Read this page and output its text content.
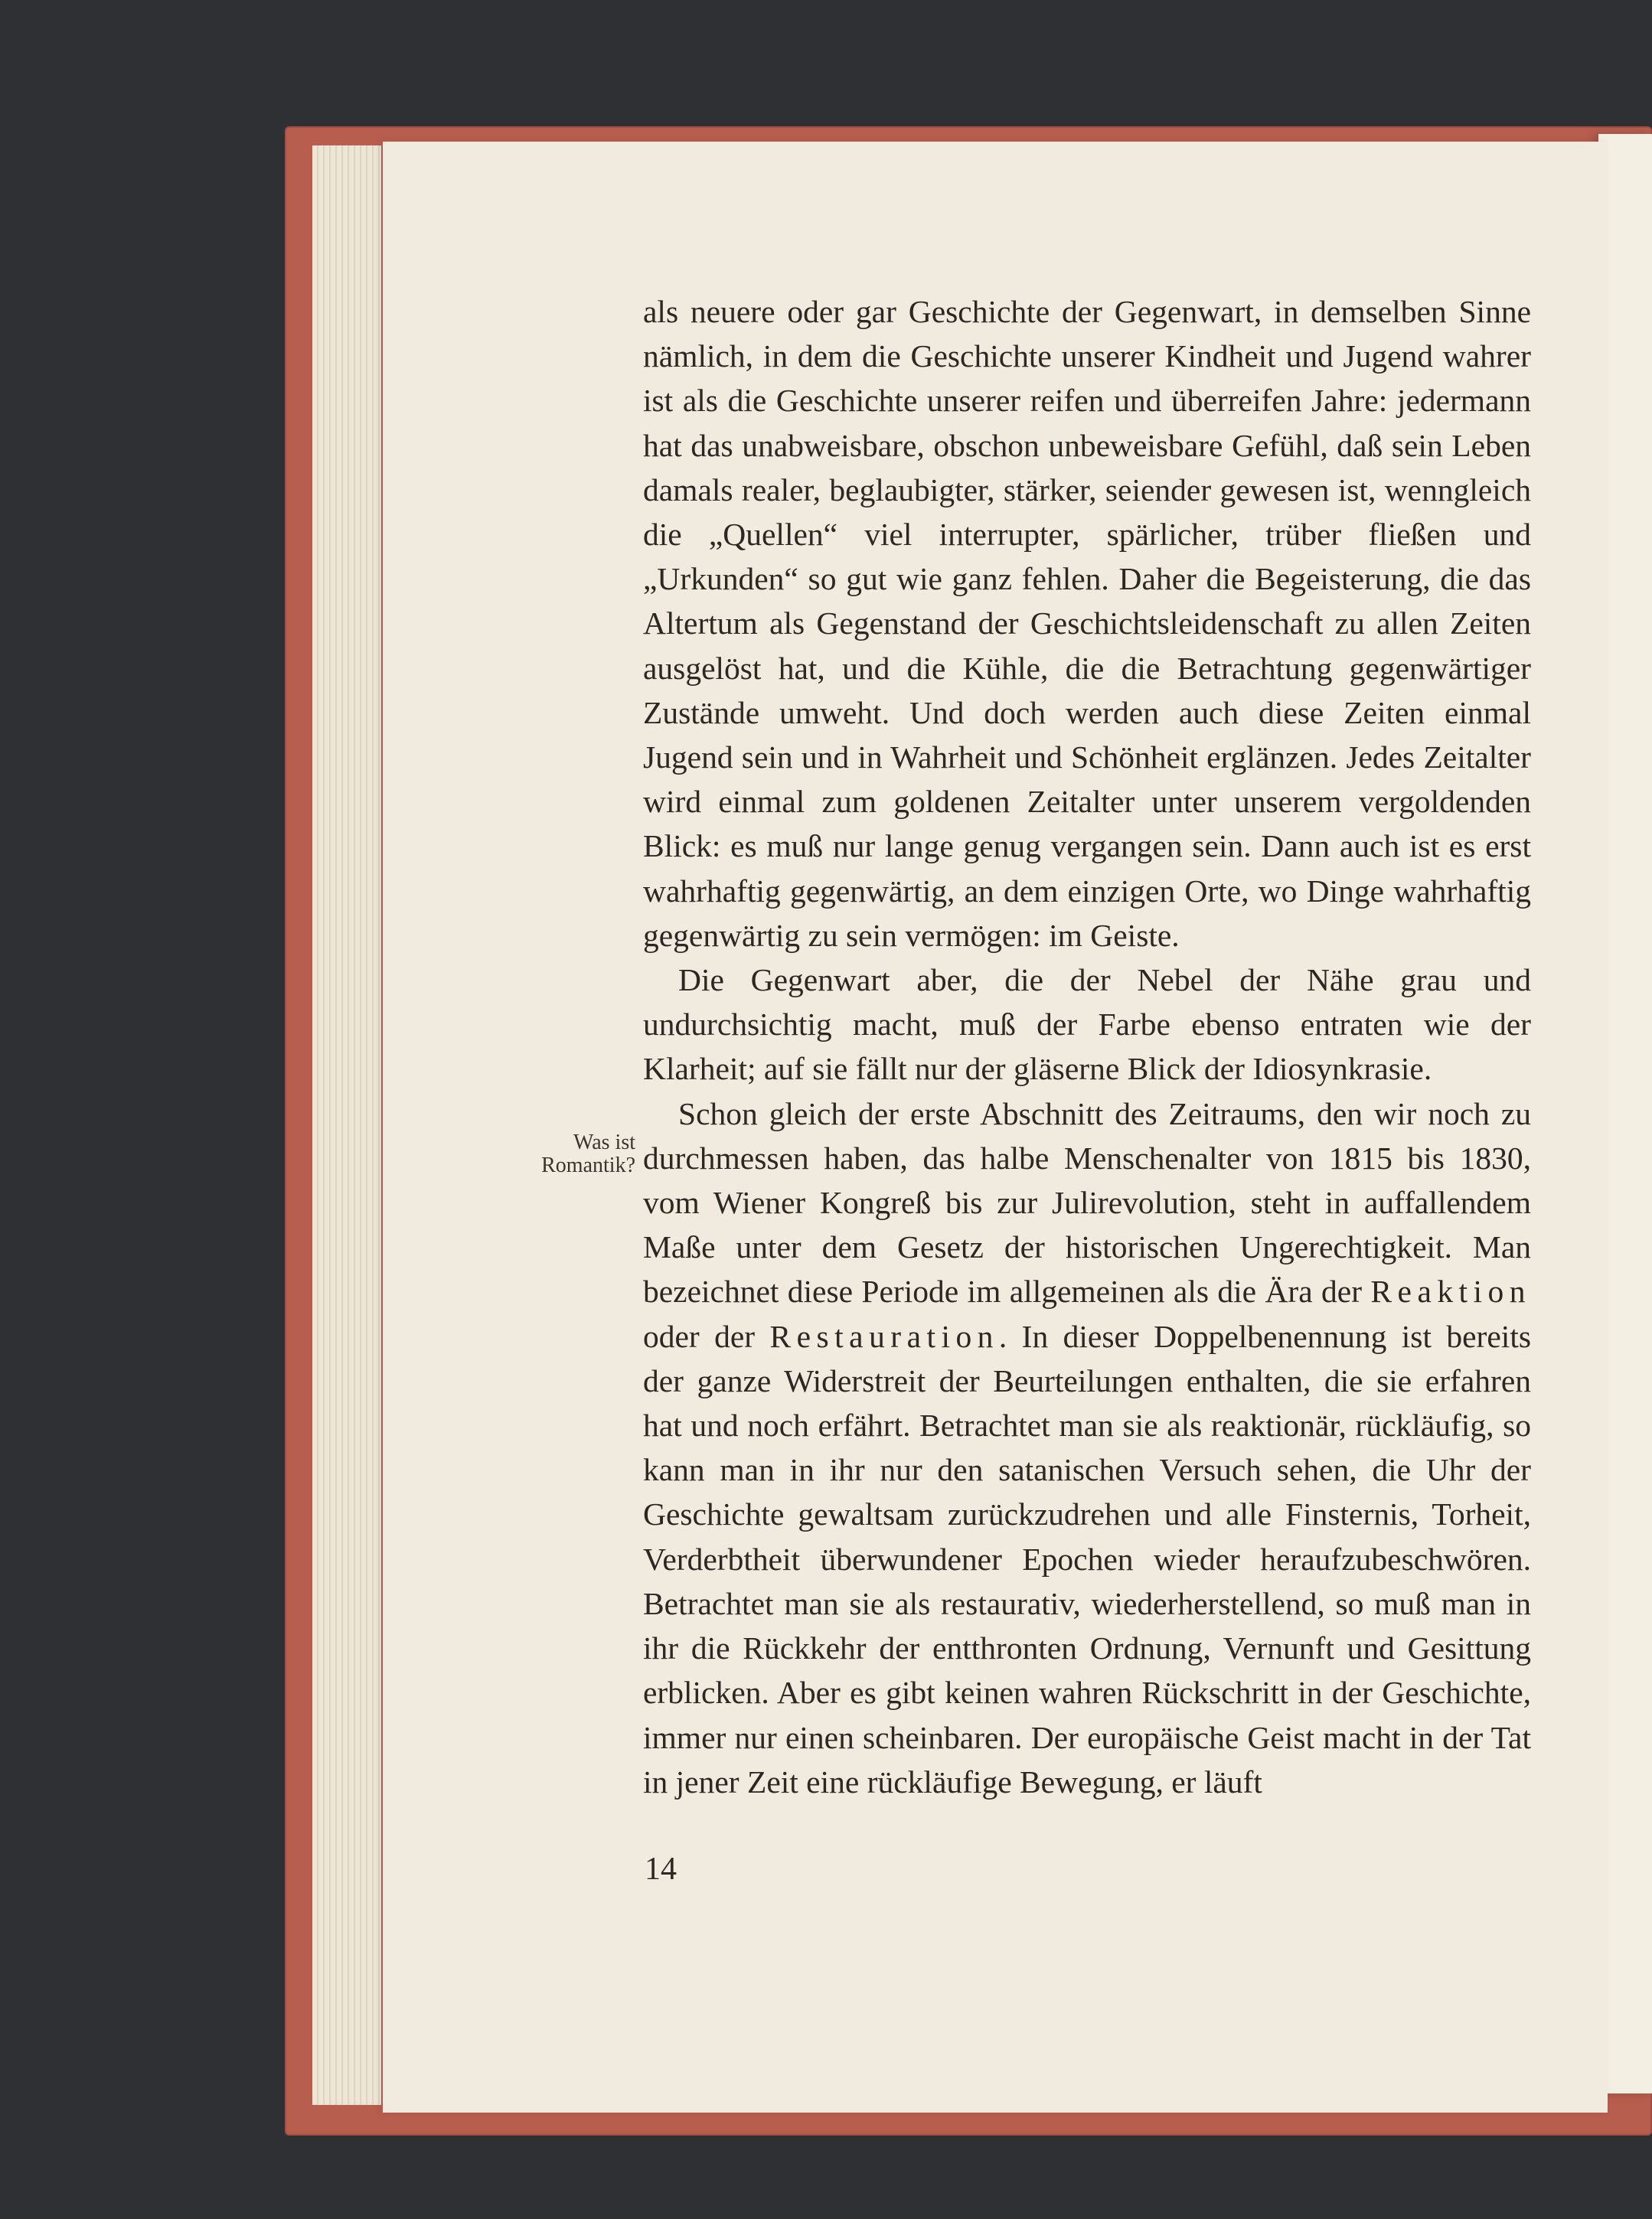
Was ist
Romantik?

als neuere oder gar Geschichte der Gegenwart, in demselben Sinne nämlich, in dem die Geschichte unserer Kindheit und Jugend wahrer ist als die Geschichte unserer reifen und überreifen Jahre: jedermann hat das unabweisbare, obschon unbeweisbare Gefühl, daß sein Leben damals realer, beglaubigter, stärker, seiender gewesen ist, wenngleich die „Quellen“ viel interrupter, spärlicher, trüber fließen und „Urkunden“ so gut wie ganz fehlen. Daher die Begeisterung, die das Altertum als Gegenstand der Geschichtsleidenschaft zu allen Zeiten ausgelöst hat, und die Kühle, die die Betrachtung gegenwärtiger Zustände umweht. Und doch werden auch diese Zeiten einmal Jugend sein und in Wahrheit und Schönheit erglänzen. Jedes Zeitalter wird einmal zum goldenen Zeitalter unter unserem vergoldenden Blick: es muß nur lange genug vergangen sein. Dann auch ist es erst wahrhaftig gegenwärtig, an dem einzigen Orte, wo Dinge wahrhaftig gegenwärtig zu sein vermögen: im Geiste.

Die Gegenwart aber, die der Nebel der Nähe grau und undurchsichtig macht, muß der Farbe ebenso entraten wie der Klarheit; auf sie fällt nur der gläserne Blick der Idiosynkrasie.

Schon gleich der erste Abschnitt des Zeitraums, den wir noch zu durchmessen haben, das halbe Menschenalter von 1815 bis 1830, vom Wiener Kongreß bis zur Julirevolution, steht in auffallendem Maße unter dem Gesetz der historischen Ungerechtigkeit. Man bezeichnet diese Periode im allgemeinen als die Ära der Reaktion oder der Restauration. In dieser Doppelbenennung ist bereits der ganze Widerstreit der Beurteilungen enthalten, die sie erfahren hat und noch erfährt. Betrachtet man sie als reaktionär, rückläufig, so kann man in ihr nur den satanischen Versuch sehen, die Uhr der Geschichte gewaltsam zurückzudrehen und alle Finsternis, Torheit, Verderbtheit überwundener Epochen wieder heraufzubeschwören. Betrachtet man sie als restaurativ, wiederherstellend, so muß man in ihr die Rückkehr der entthronten Ordnung, Vernunft und Gesittung erblicken. Aber es gibt keinen wahren Rückschritt in der Geschichte, immer nur einen scheinbaren. Der europäische Geist macht in der Tat in jener Zeit eine rückläufige Bewegung, er läuft

14
